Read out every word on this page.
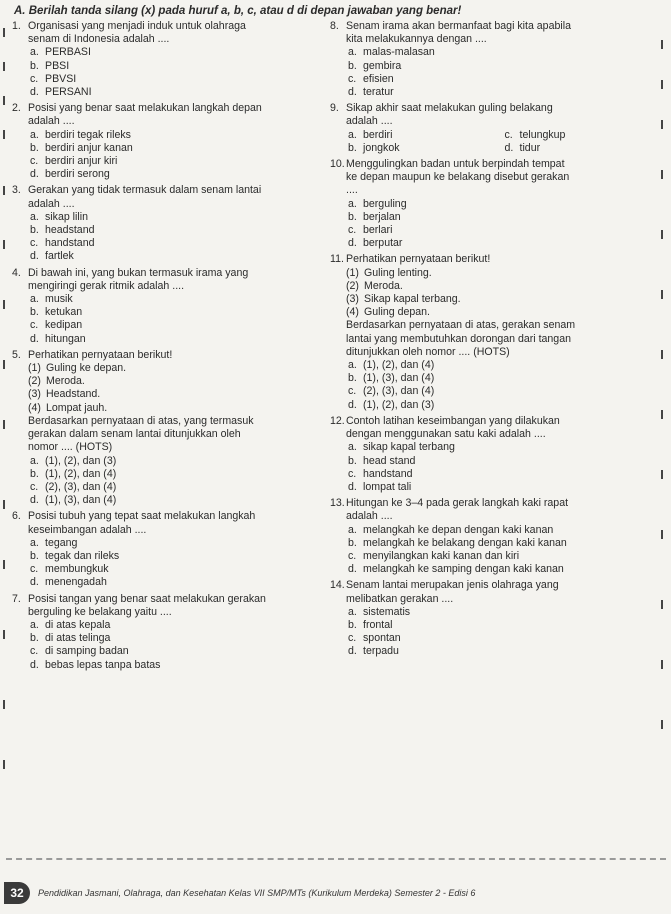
A. Berilah tanda silang (x) pada huruf a, b, c, atau d di depan jawaban yang benar!
1. Organisasi yang menjadi induk untuk olahraga
senam di Indonesia adalah ....
a. PERBASI
b. PBSI
c. PBVSI
d. PERSANI
2. Posisi yang benar saat melakukan langkah depan
adalah ....
a. berdiri tegak rileks
b. berdiri anjur kanan
c. berdiri anjur kiri
d. berdiri serong
3. Gerakan yang tidak termasuk dalam senam lantai
adalah ....
a. sikap lilin
b. headstand
c. handstand
d. fartlek
4. Di bawah ini, yang bukan termasuk irama yang
mengiringi gerak ritmik adalah ....
a. musik
b. ketukan
c. kedipan
d. hitungan
5. Perhatikan pernyataan berikut!
(1) Guling ke depan.
(2) Meroda.
(3) Headstand.
(4) Lompat jauh.
Berdasarkan pernyataan di atas, yang termasuk
gerakan dalam senam lantai ditunjukkan oleh
nomor .... (HOTS)
a. (1), (2), dan (3)
b. (1), (2), dan (4)
c. (2), (3), dan (4)
d. (1), (3), dan (4)
6. Posisi tubuh yang tepat saat melakukan langkah
keseimbangan adalah ....
a. tegang
b. tegak dan rileks
c. membungkuk
d. menengadah
7. Posisi tangan yang benar saat melakukan gerakan
berguling ke belakang yaitu ....
a. di atas kepala
b. di atas telinga
c. di samping badan
d. bebas lepas tanpa batas
8. Senam irama akan bermanfaat bagi kita apabila
kita melakukannya dengan ....
a. malas-malasan
b. gembira
c. efisien
d. teratur
9. Sikap akhir saat melakukan guling belakang
adalah ....
a. berdiri	c. telungkup
b. jongkok	d. tidur
10. Menggulingkan badan untuk berpindah tempat
ke depan maupun ke belakang disebut gerakan
....
a. berguling
b. berjalan
c. berlari
d. berputar
11. Perhatikan pernyataan berikut!
(1) Guling lenting.
(2) Meroda.
(3) Sikap kapal terbang.
(4) Guling depan.
Berdasarkan pernyataan di atas, gerakan senam
lantai yang membutuhkan dorongan dari tangan
ditunjukkan oleh nomor .... (HOTS)
a. (1), (2), dan (4)
b. (1), (3), dan (4)
c. (2), (3), dan (4)
d. (1), (2), dan (3)
12. Contoh latihan keseimbangan yang dilakukan
dengan menggunakan satu kaki adalah ....
a. sikap kapal terbang
b. head stand
c. handstand
d. lompat tali
13. Hitungan ke 3–4 pada gerak langkah kaki rapat
adalah ....
a. melangkah ke depan dengan kaki kanan
b. melangkah ke belakang dengan kaki kanan
c. menyilangkan kaki kanan dan kiri
d. melangkah ke samping dengan kaki kanan
14. Senam lantai merupakan jenis olahraga yang
melibatkan gerakan ....
a. sistematis
b. frontal
c. spontan
d. terpadu
32	Pendidikan Jasmani, Olahraga, dan Kesehatan Kelas VII SMP/MTs (Kurikulum Merdeka) Semester 2 - Edisi 6
